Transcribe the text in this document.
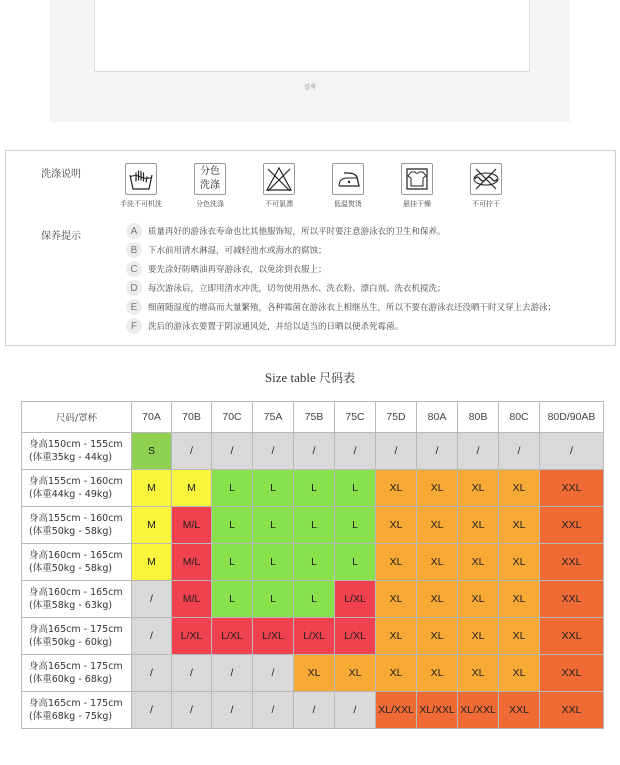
블랙
洗涤说明
手洗不可机洗
分色
洗涤
分色洗涤	不可氯漂	低温熨烫	悬挂干燥	不可拧干
保养提示	A	质量再好的游泳衣寿命也比其他服饰短，所以平时要注意游泳衣的卫生和保养。
B	下水前用清水淋湿，可减轻池水或海水的腐蚀；
C	要先涂好防晒油再穿游泳衣，以免涂到衣服上；
D	每次游泳后，立即用清水冲洗，切勿使用热水、洗衣粉、漂白剂、洗衣机搅洗；
E	细菌随湿度的增高而大量繁殖，各种霉菌在游泳衣上相继丛生，所以不要在游泳衣还没晒干时又穿上去游泳；
F	洗后的游泳衣要置于阴凉通风处，并给以适当的日晒以便杀死霉菌。
Size table 尺码表
尺码/罩杯	70A	70B	70C	75A	75B	75C	75D	80A	80B	80C	80D/90AB

身高150cm - 155cm
(体重35kg - 44kg)	S	/	/	/	/	/	/	/	/	/	/

身高155cm - 160cm
(体重44kg - 49kg)	M	M	L	L	L	L	XL	XL	XL	XL	XXL

身高155cm - 160cm
(体重50kg - 58kg)	M	M/L	L	L	L	L	XL	XL	XL	XL	XXL

身高160cm - 165cm
(体重50kg - 58kg)	M	M/L	L	L	L	L	XL	XL	XL	XL	XXL

身高160cm - 165cm
(体重58kg - 63kg)	/	M/L	L	L	L	L/XL	XL	XL	XL	XL	XXL

身高165cm - 175cm
(体重50kg - 60kg)	/	L/XL	L/XL	L/XL	L/XL	L/XL	XL	XL	XL	XL	XXL

身高165cm - 175cm
(体重60kg - 68kg)	/	/	/	/	XL	XL	XL	XL	XL	XL	XXL

身高165cm - 175cm
(体重68kg - 75kg)	/	/	/	/	/	/	XL/XXL	XL/XXL	XL/XXL	XXL	XXL
